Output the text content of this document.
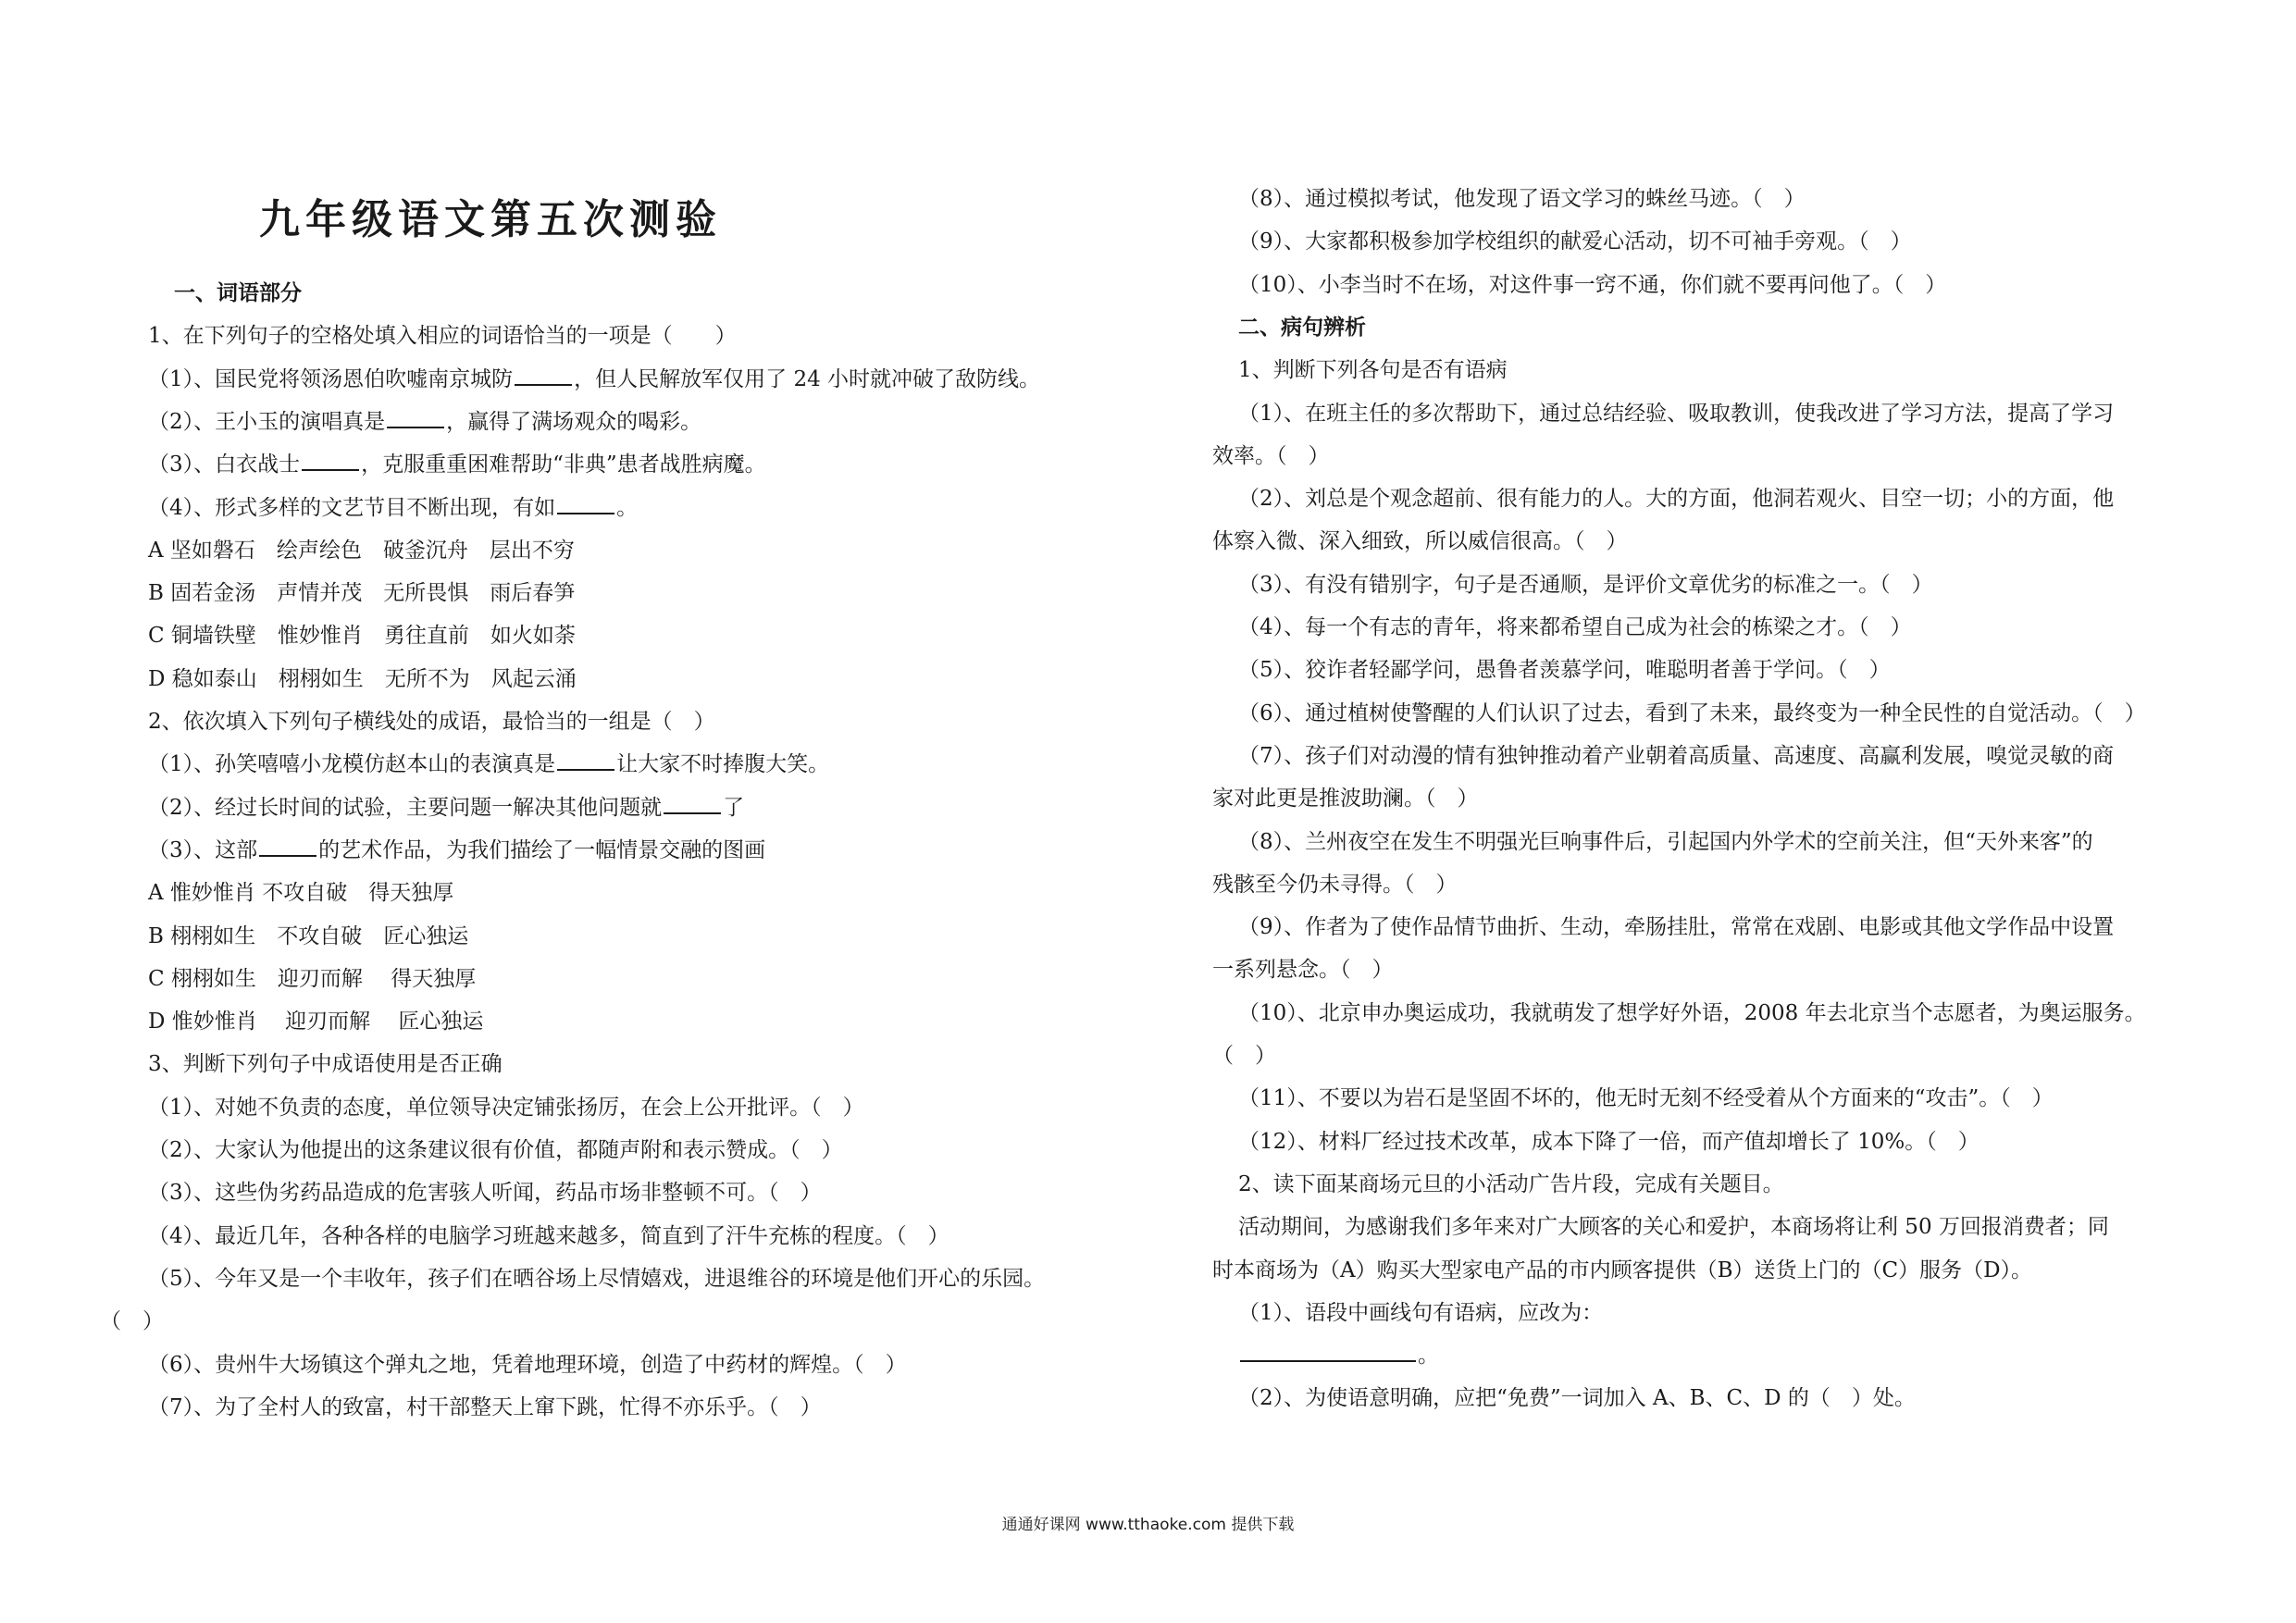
九年级语文第五次测验
一、词语部分
1、在下列句子的空格处填入相应的词语恰当的一项是（　　）
（1）、国民党将领汤恩伯吹嘘南京城防	，但人民解放军仅用了 24 小时就冲破了敌防线。
（2）、王小玉的演唱真是	，赢得了满场观众的喝彩。
（3）、白衣战士	，克服重重困难帮助“非典”患者战胜病魔。
（4）、形式多样的文艺节目不断出现，有如	。
A 坚如磐石　绘声绘色　破釜沉舟　层出不穷
B 固若金汤　声情并茂　无所畏惧　雨后春笋
C 铜墙铁壁　惟妙惟肖　勇往直前　如火如荼
D 稳如泰山　栩栩如生　无所不为　风起云涌
2、依次填入下列句子横线处的成语，最恰当的一组是（　）
（1）、孙笑嘻嘻小龙模仿赵本山的表演真是	让大家不时捧腹大笑。
（2）、经过长时间的试验，主要问题一解决其他问题就	了
（3）、这部	的艺术作品，为我们描绘了一幅情景交融的图画
A 惟妙惟肖 不攻自破　得天独厚
B 栩栩如生　不攻自破　匠心独运
C 栩栩如生　迎刃而解　 得天独厚
D 惟妙惟肖　 迎刃而解　 匠心独运
3、判断下列句子中成语使用是否正确
（1）、对她不负责的态度，单位领导决定铺张扬厉，在会上公开批评。（　）
（2）、大家认为他提出的这条建议很有价值，都随声附和表示赞成。（　）
（3）、这些伪劣药品造成的危害骇人听闻，药品市场非整顿不可。（　）
（4）、最近几年，各种各样的电脑学习班越来越多，简直到了汗牛充栋的程度。（　）
（5）、今年又是一个丰收年，孩子们在晒谷场上尽情嬉戏，进退维谷的环境是他们开心的乐园。
（　）
（6）、贵州牛大场镇这个弹丸之地，凭着地理环境，创造了中药材的辉煌。（　）
（7）、为了全村人的致富，村干部整天上窜下跳，忙得不亦乐乎。（　）
（8）、通过模拟考试，他发现了语文学习的蛛丝马迹。（　）
（9）、大家都积极参加学校组织的献爱心活动，切不可袖手旁观。（　）
（10）、小李当时不在场，对这件事一窍不通，你们就不要再问他了。（　）
二、病句辨析
1、判断下列各句是否有语病
（1）、在班主任的多次帮助下，通过总结经验、吸取教训，使我改进了学习方法，提高了学习
效率。（　）
（2）、刘总是个观念超前、很有能力的人。大的方面，他洞若观火、目空一切；小的方面，他
体察入微、深入细致，所以威信很高。（　）
（3）、有没有错别字，句子是否通顺，是评价文章优劣的标准之一。（　）
（4）、每一个有志的青年，将来都希望自己成为社会的栋梁之才。（　）
（5）、狡诈者轻鄙学问，愚鲁者羡慕学问，唯聪明者善于学问。（　）
（6）、通过植树使警醒的人们认识了过去，看到了未来，最终变为一种全民性的自觉活动。（　）
（7）、孩子们对动漫的情有独钟推动着产业朝着高质量、高速度、高赢利发展，嗅觉灵敏的商
家对此更是推波助澜。（　）
（8）、兰州夜空在发生不明强光巨响事件后，引起国内外学术的空前关注，但“天外来客”的
残骸至今仍未寻得。（　）
（9）、作者为了使作品情节曲折、生动，牵肠挂肚，常常在戏剧、电影或其他文学作品中设置
一系列悬念。（　）
（10）、北京申办奥运成功，我就萌发了想学好外语，2008 年去北京当个志愿者，为奥运服务。
（　）
（11）、不要以为岩石是坚固不坏的，他无时无刻不经受着从个方面来的“攻击”。（　）
（12）、材料厂经过技术改革，成本下降了一倍，而产值却增长了 10%。（　）
2、读下面某商场元旦的小活动广告片段，完成有关题目。
活动期间，为感谢我们多年来对广大顾客的关心和爱护，本商场将让利 50 万回报消费者；同
时本商场为（A）购买大型家电产品的市内顾客提供（B）送货上门的（C）服务（D）。
（1）、语段中画线句有语病，应改为：
。
（2）、为使语意明确，应把“免费”一词加入 A、B、C、D 的（　）处。
通通好课网 www.tthaoke.com 提供下载
